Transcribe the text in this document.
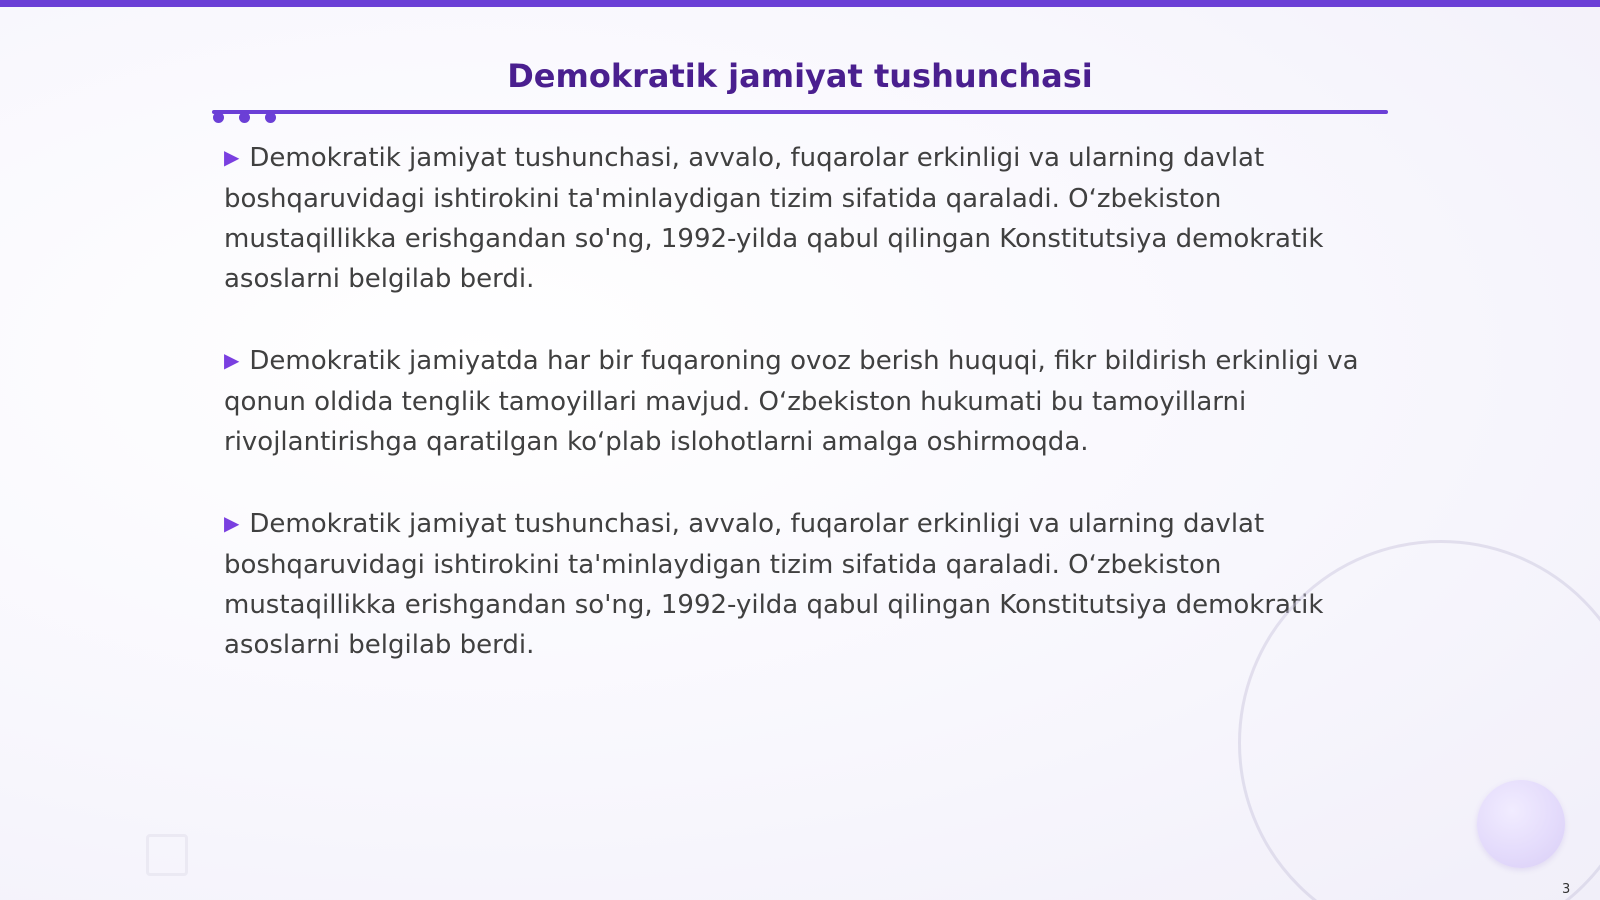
Demokratik jamiyat tushunchasi

▶ Demokratik jamiyat tushunchasi, avvalo, fuqarolar erkinligi va ularning davlat boshqaruvidagi ishtirokini ta'minlaydigan tizim sifatida qaraladi. Oʻzbekiston mustaqillikka erishgandan so'ng, 1992-yilda qabul qilingan Konstitutsiya demokratik asoslarni belgilab berdi.

▶ Demokratik jamiyatda har bir fuqaroning ovoz berish huquqi, fikr bildirish erkinligi va qonun oldida tenglik tamoyillari mavjud. Oʻzbekiston hukumati bu tamoyillarni rivojlantirishga qaratilgan koʻplab islohotlarni amalga oshirmoqda.

▶ Demokratik jamiyat tushunchasi, avvalo, fuqarolar erkinligi va ularning davlat boshqaruvidagi ishtirokini ta'minlaydigan tizim sifatida qaraladi. Oʻzbekiston mustaqillikka erishgandan so'ng, 1992-yilda qabul qilingan Konstitutsiya demokratik asoslarni belgilab berdi.

3
